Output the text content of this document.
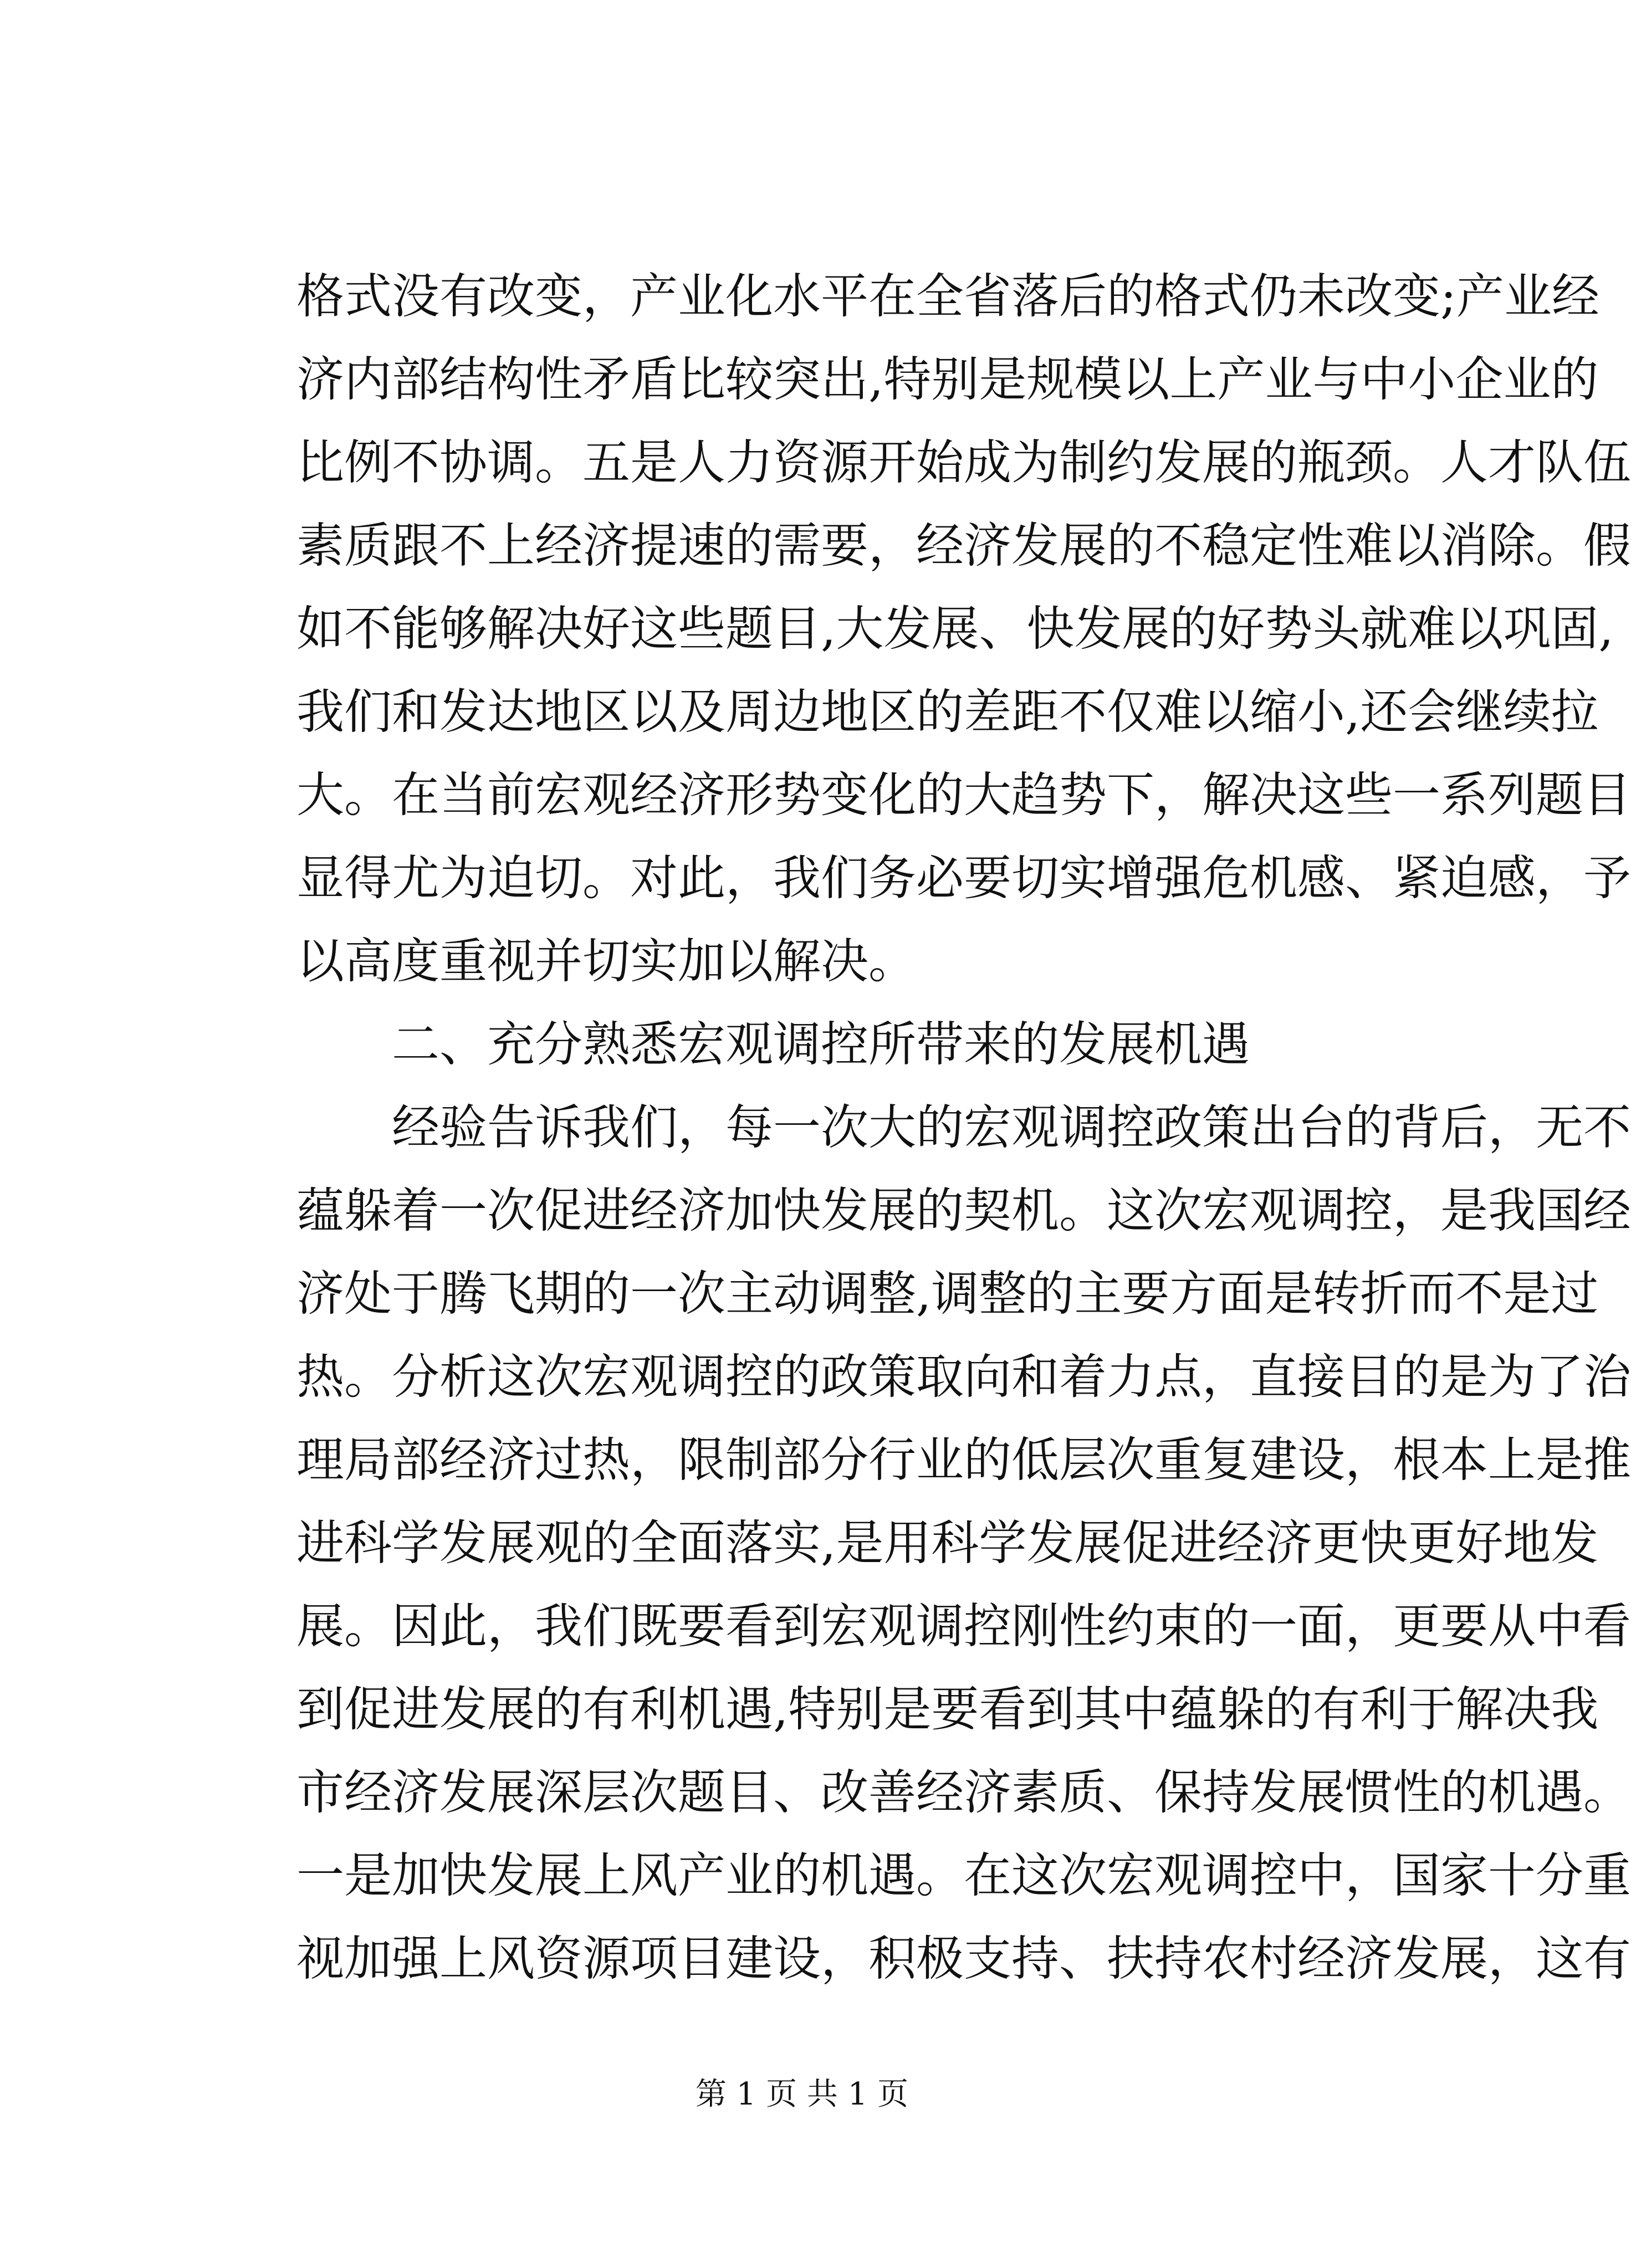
格式没有改变，产业化水平在全省落后的格式仍未改变;产业经
济内部结构性矛盾比较突出,特别是规模以上产业与中小企业的
比例不协调。五是人力资源开始成为制约发展的瓶颈。人才队伍
素质跟不上经济提速的需要，经济发展的不稳定性难以消除。假
如不能够解决好这些题目,大发展、快发展的好势头就难以巩固,
我们和发达地区以及周边地区的差距不仅难以缩小,还会继续拉
大。在当前宏观经济形势变化的大趋势下，解决这些一系列题目
显得尤为迫切。对此，我们务必要切实增强危机感、紧迫感，予
以高度重视并切实加以解决。
二、充分熟悉宏观调控所带来的发展机遇
经验告诉我们，每一次大的宏观调控政策出台的背后，无不
蕴躲着一次促进经济加快发展的契机。这次宏观调控，是我国经
济处于腾飞期的一次主动调整,调整的主要方面是转折而不是过
热。分析这次宏观调控的政策取向和着力点，直接目的是为了治
理局部经济过热，限制部分行业的低层次重复建设，根本上是推
进科学发展观的全面落实,是用科学发展促进经济更快更好地发
展。因此，我们既要看到宏观调控刚性约束的一面，更要从中看
到促进发展的有利机遇,特别是要看到其中蕴躲的有利于解决我
市经济发展深层次题目、改善经济素质、保持发展惯性的机遇。
一是加快发展上风产业的机遇。在这次宏观调控中，国家十分重
视加强上风资源项目建设，积极支持、扶持农村经济发展，这有
第 1 页 共 1 页
